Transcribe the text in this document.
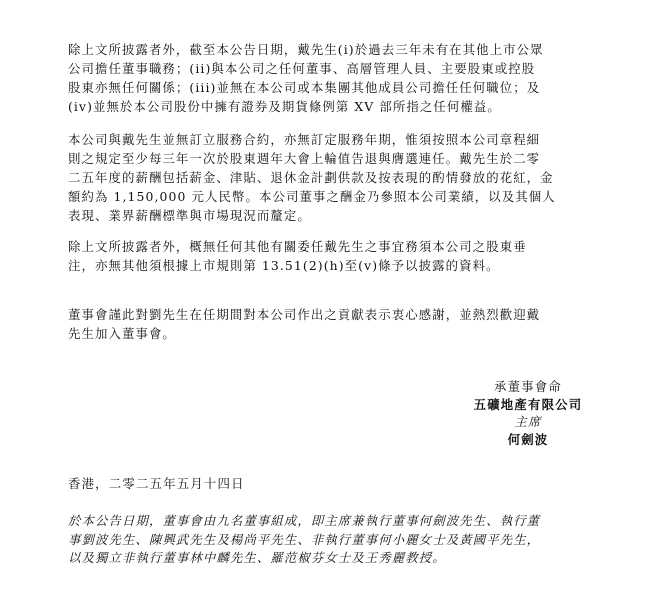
除上文所披露者外，截至本公告日期，戴先生(i)於過去三年未有在其他上市公眾
公司擔任董事職務；(ii)與本公司之任何董事、高層管理人員、主要股東或控股
股東亦無任何關係；(iii)並無在本公司或本集團其他成員公司擔任任何職位；及
(iv)並無於本公司股份中擁有證券及期貨條例第 XV 部所指之任何權益。

本公司與戴先生並無訂立服務合約，亦無訂定服務年期，惟須按照本公司章程細
則之規定至少每三年一次於股東週年大會上輪值告退與膺選連任。戴先生於二零
二五年度的薪酬包括薪金、津貼、退休金計劃供款及按表現的酌情發放的花紅，金
額約為 1,150,000 元人民幣。本公司董事之酬金乃參照本公司業績，以及其個人
表現、業界薪酬標準與市場現況而釐定。

除上文所披露者外，概無任何其他有關委任戴先生之事宜務須本公司之股東垂
注，亦無其他須根據上市規則第 13.51(2)(h)至(v)條予以披露的資料。

董事會謹此對劉先生在任期間對本公司作出之貢獻表示衷心感謝，並熱烈歡迎戴
先生加入董事會。

承董事會命
五礦地產有限公司
主席
何劍波
香港，二零二五年五月十四日
於本公告日期，董事會由九名董事組成，即主席兼執行董事何劍波先生、執行董
事劉波先生、陳興武先生及楊尚平先生、非執行董事何小麗女士及黃國平先生，
以及獨立非執行董事林中麟先生、羅范椒芬女士及王秀麗教授。
